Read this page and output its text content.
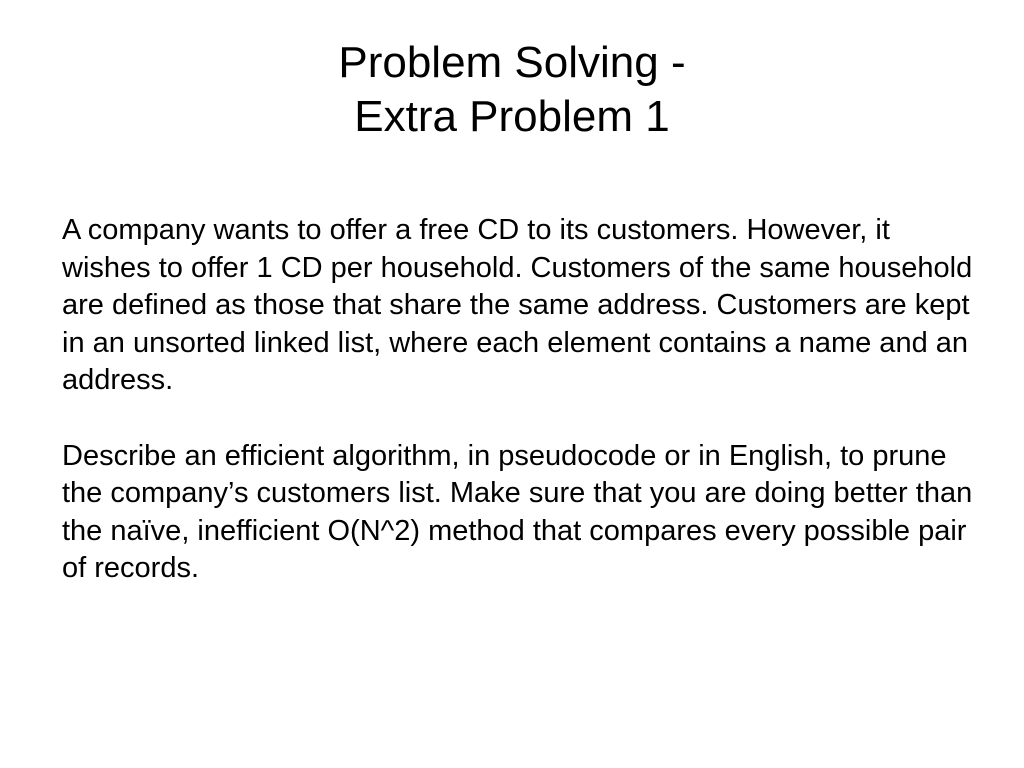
Problem Solving -
Extra Problem 1

A company wants to offer a free CD to its customers. However, it wishes to offer 1 CD per household. Customers of the same household are defined as those that share the same address. Customers are kept in an unsorted linked list, where each element contains a name and an address.

Describe an efficient algorithm, in pseudocode or in English, to prune the company’s customers list. Make sure that you are doing better than the naïve, inefficient O(N^2) method that compares every possible pair of records.
